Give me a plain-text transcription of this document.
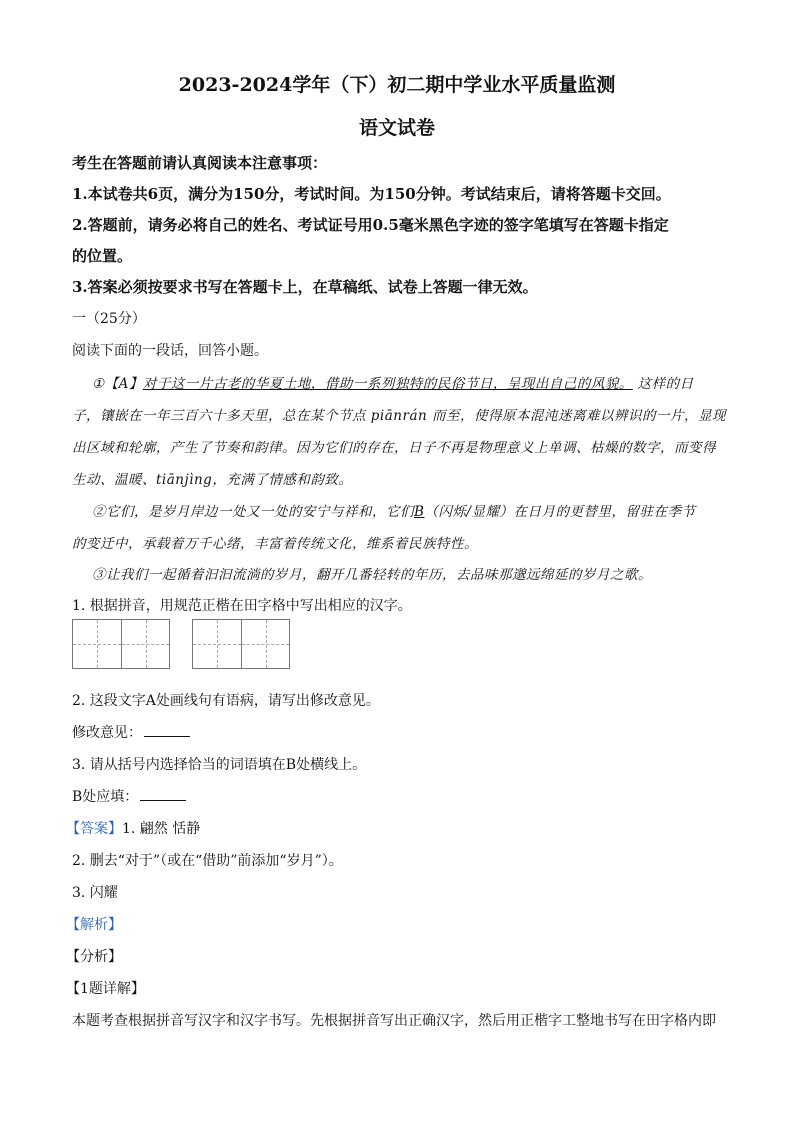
2023-2024学年（下）初二期中学业水平质量监测
语文试卷
考生在答题前请认真阅读本注意事项：
1.本试卷共6页，满分为150分，考试时间。为150分钟。考试结束后，请将答题卡交回。
2.答题前，请务必将自己的姓名、考试证号用0.5毫米黑色字迹的签字笔填写在答题卡指定
的位置。
3.答案必须按要求书写在答题卡上，在草稿纸、试卷上答题一律无效。
一（25分）
阅读下面的一段话，回答小题。
①【A】对于这一片古老的华夏土地，借助一系列独特的民俗节日，呈现出自己的风貌。 这样的日
子，镶嵌在一年三百六十多天里，总在某个节点 piānrán 而至，使得原本混沌迷离难以辨识的一片，显现
出区域和轮廓，产生了节奏和韵律。因为它们的存在，日子不再是物理意义上单调、枯燥的数字，而变得
生动、温暖、tiānjìng，充满了情感和韵致。
②它们，是岁月岸边一处又一处的安宁与祥和，它们B（闪烁/显耀）在日月的更替里，留驻在季节
的变迁中，承载着万千心绪，丰富着传统文化，维系着民族特性。
③让我们一起循着汩汩流淌的岁月，翻开几番轻转的年历，去品味那邈远绵延的岁月之歌。
1. 根据拼音，用规范正楷在田字格中写出相应的汉字。
2. 这段文字A处画线句有语病，请写出修改意见。
修改意见：
3. 请从括号内选择恰当的词语填在B处横线上。
B处应填：
【答案】1. 翩然 恬静
2. 删去“对于”（或在“借助”前添加“岁月”）。
3. 闪耀
【解析】
【分析】
【1题详解】
本题考查根据拼音写汉字和汉字书写。先根据拼音写出正确汉字，然后用正楷字工整地书写在田字格内即
